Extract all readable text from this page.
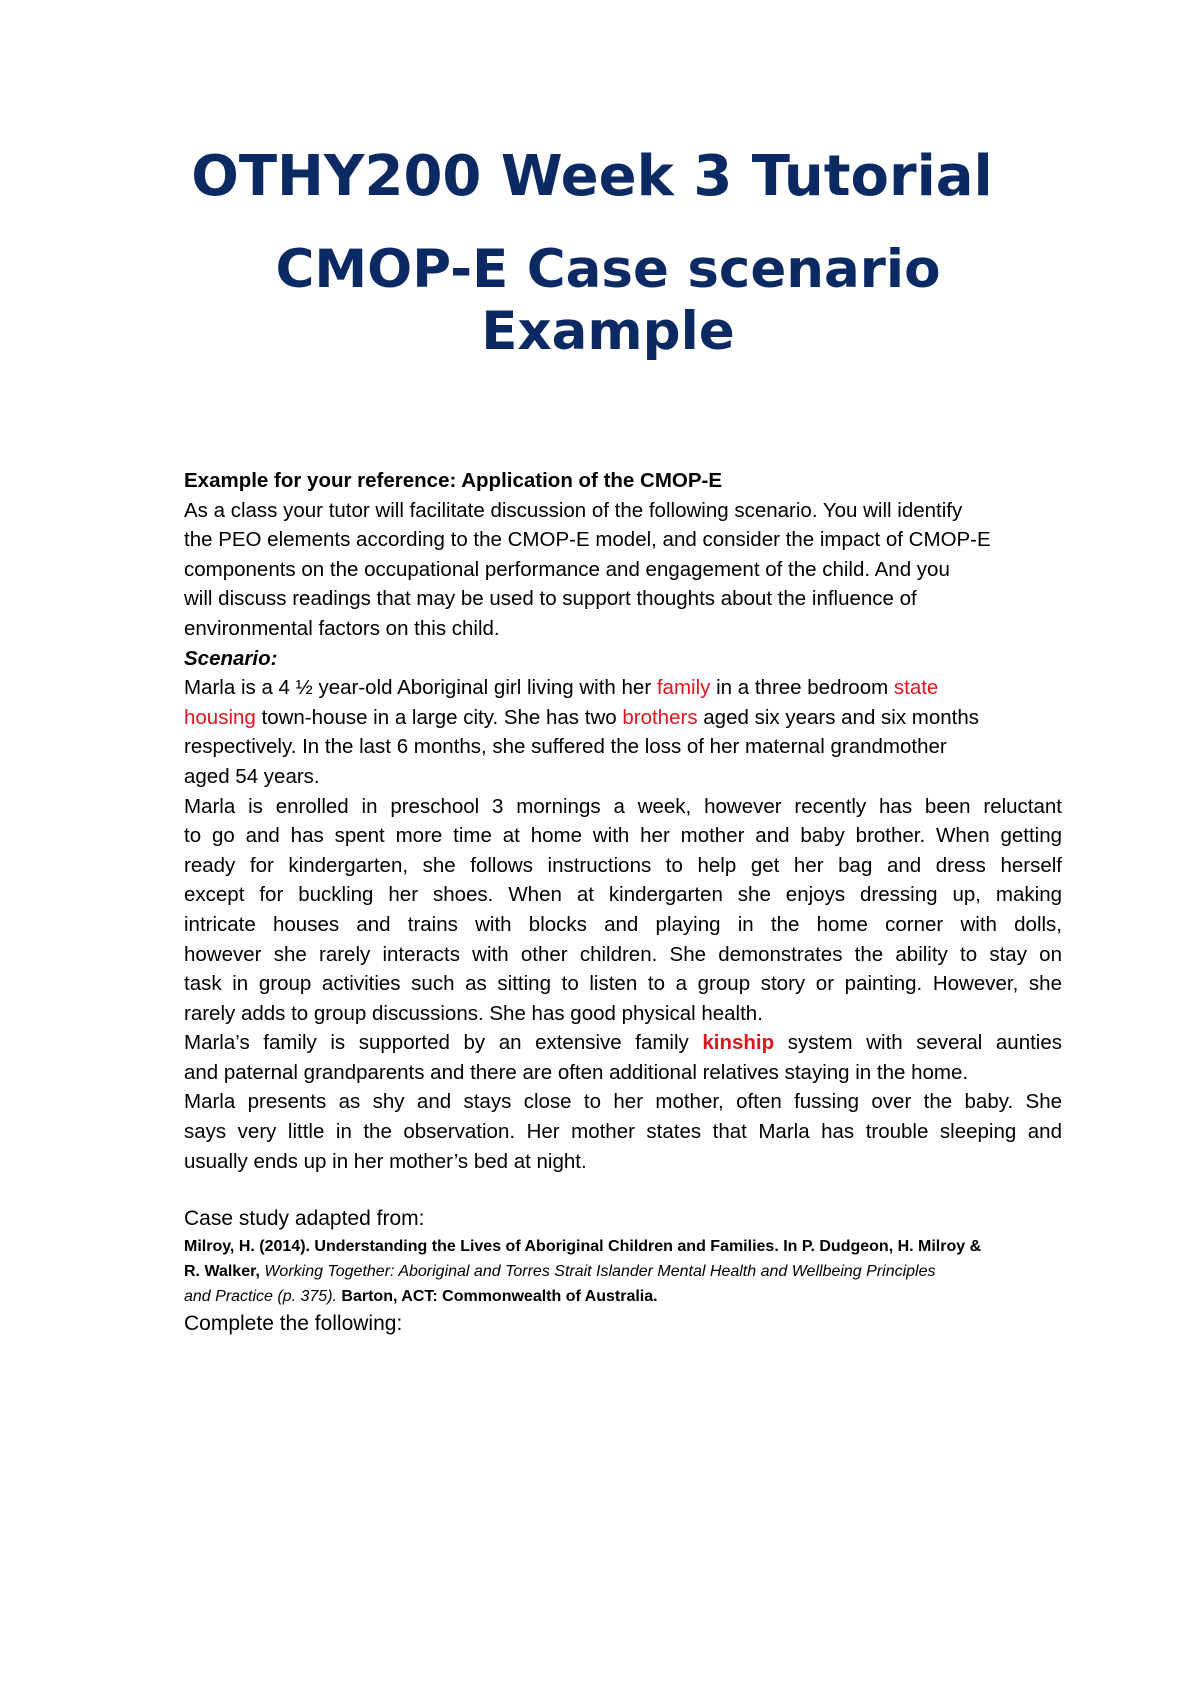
OTHY200 Week 3 Tutorial
CMOP-E Case scenario
Example
Example for your reference: Application of the CMOP-E
As a class your tutor will facilitate discussion of the following scenario. You will identify
the PEO elements according to the CMOP-E model, and consider the impact of CMOP-E
components on the occupational performance and engagement of the child. And you
will discuss readings that may be used to support thoughts about the influence of
environmental factors on this child.
Scenario:
Marla is a 4 ½ year-old Aboriginal girl living with her family in a three bedroom state
housing town-house in a large city. She has two brothers aged six years and six months
respectively. In the last 6 months, she suffered the loss of her maternal grandmother
aged 54 years.
Marla is enrolled in preschool 3 mornings a week, however recently has been reluctant
to go and has spent more time at home with her mother and baby brother. When getting
ready for kindergarten, she follows instructions to help get her bag and dress herself
except for buckling her shoes. When at kindergarten she enjoys dressing up, making
intricate houses and trains with blocks and playing in the home corner with dolls,
however she rarely interacts with other children. She demonstrates the ability to stay on
task in group activities such as sitting to listen to a group story or painting. However, she
rarely adds to group discussions. She has good physical health.
Marla’s family is supported by an extensive family kinship system with several aunties
and paternal grandparents and there are often additional relatives staying in the home.
Marla presents as shy and stays close to her mother, often fussing over the baby. She
says very little in the observation. Her mother states that Marla has trouble sleeping and
usually ends up in her mother’s bed at night.
Case study adapted from:
Milroy, H. (2014). Understanding the Lives of Aboriginal Children and Families. In P. Dudgeon, H. Milroy &
R. Walker, Working Together: Aboriginal and Torres Strait Islander Mental Health and Wellbeing Principles
and Practice (p. 375). Barton, ACT: Commonwealth of Australia.
Complete the following:
